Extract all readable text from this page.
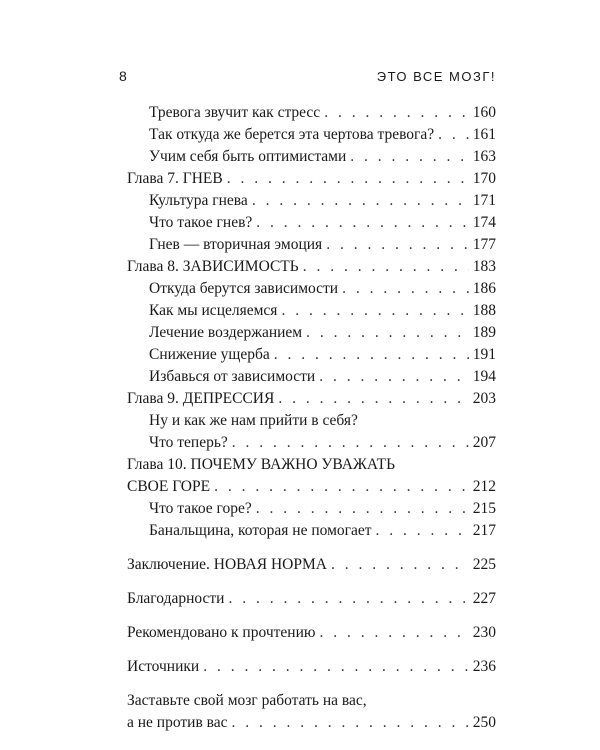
8	ЭТО ВСЕ МОЗГ!
Тревога звучит как стресс . . .	160
Так откуда же берется эта чертова тревога? . . . 161
Учим себя быть оптимистами . . .	163
Глава 7. ГНЕВ . . .	170
Культура гнева . . .	171
Что такое гнев? . . .	174
Гнев — вторичная эмоция . . .	177
Глава 8. ЗАВИСИМОСТЬ . . .	183
Откуда берутся зависимости . . .	186
Как мы исцеляемся . . .	188
Лечение воздержанием . . .	189
Снижение ущерба . . .	191
Избавься от зависимости . . .	194
Глава 9. ДЕПРЕССИЯ . . .	203
Ну и как же нам прийти в себя?
Что теперь? . . .	207
Глава 10. ПОЧЕМУ ВАЖНО УВАЖАТЬ
СВОЕ ГОРЕ . . .	212
Что такое горе? . . .	215
Банальщина, которая не помогает . . .	217
Заключение. НОВАЯ НОРМА . . .	225
Благодарности . . .	227
Рекомендовано к прочтению . . .	230
Источники . . .	236
Заставьте свой мозг работать на вас,
а не против вас . . .	250
